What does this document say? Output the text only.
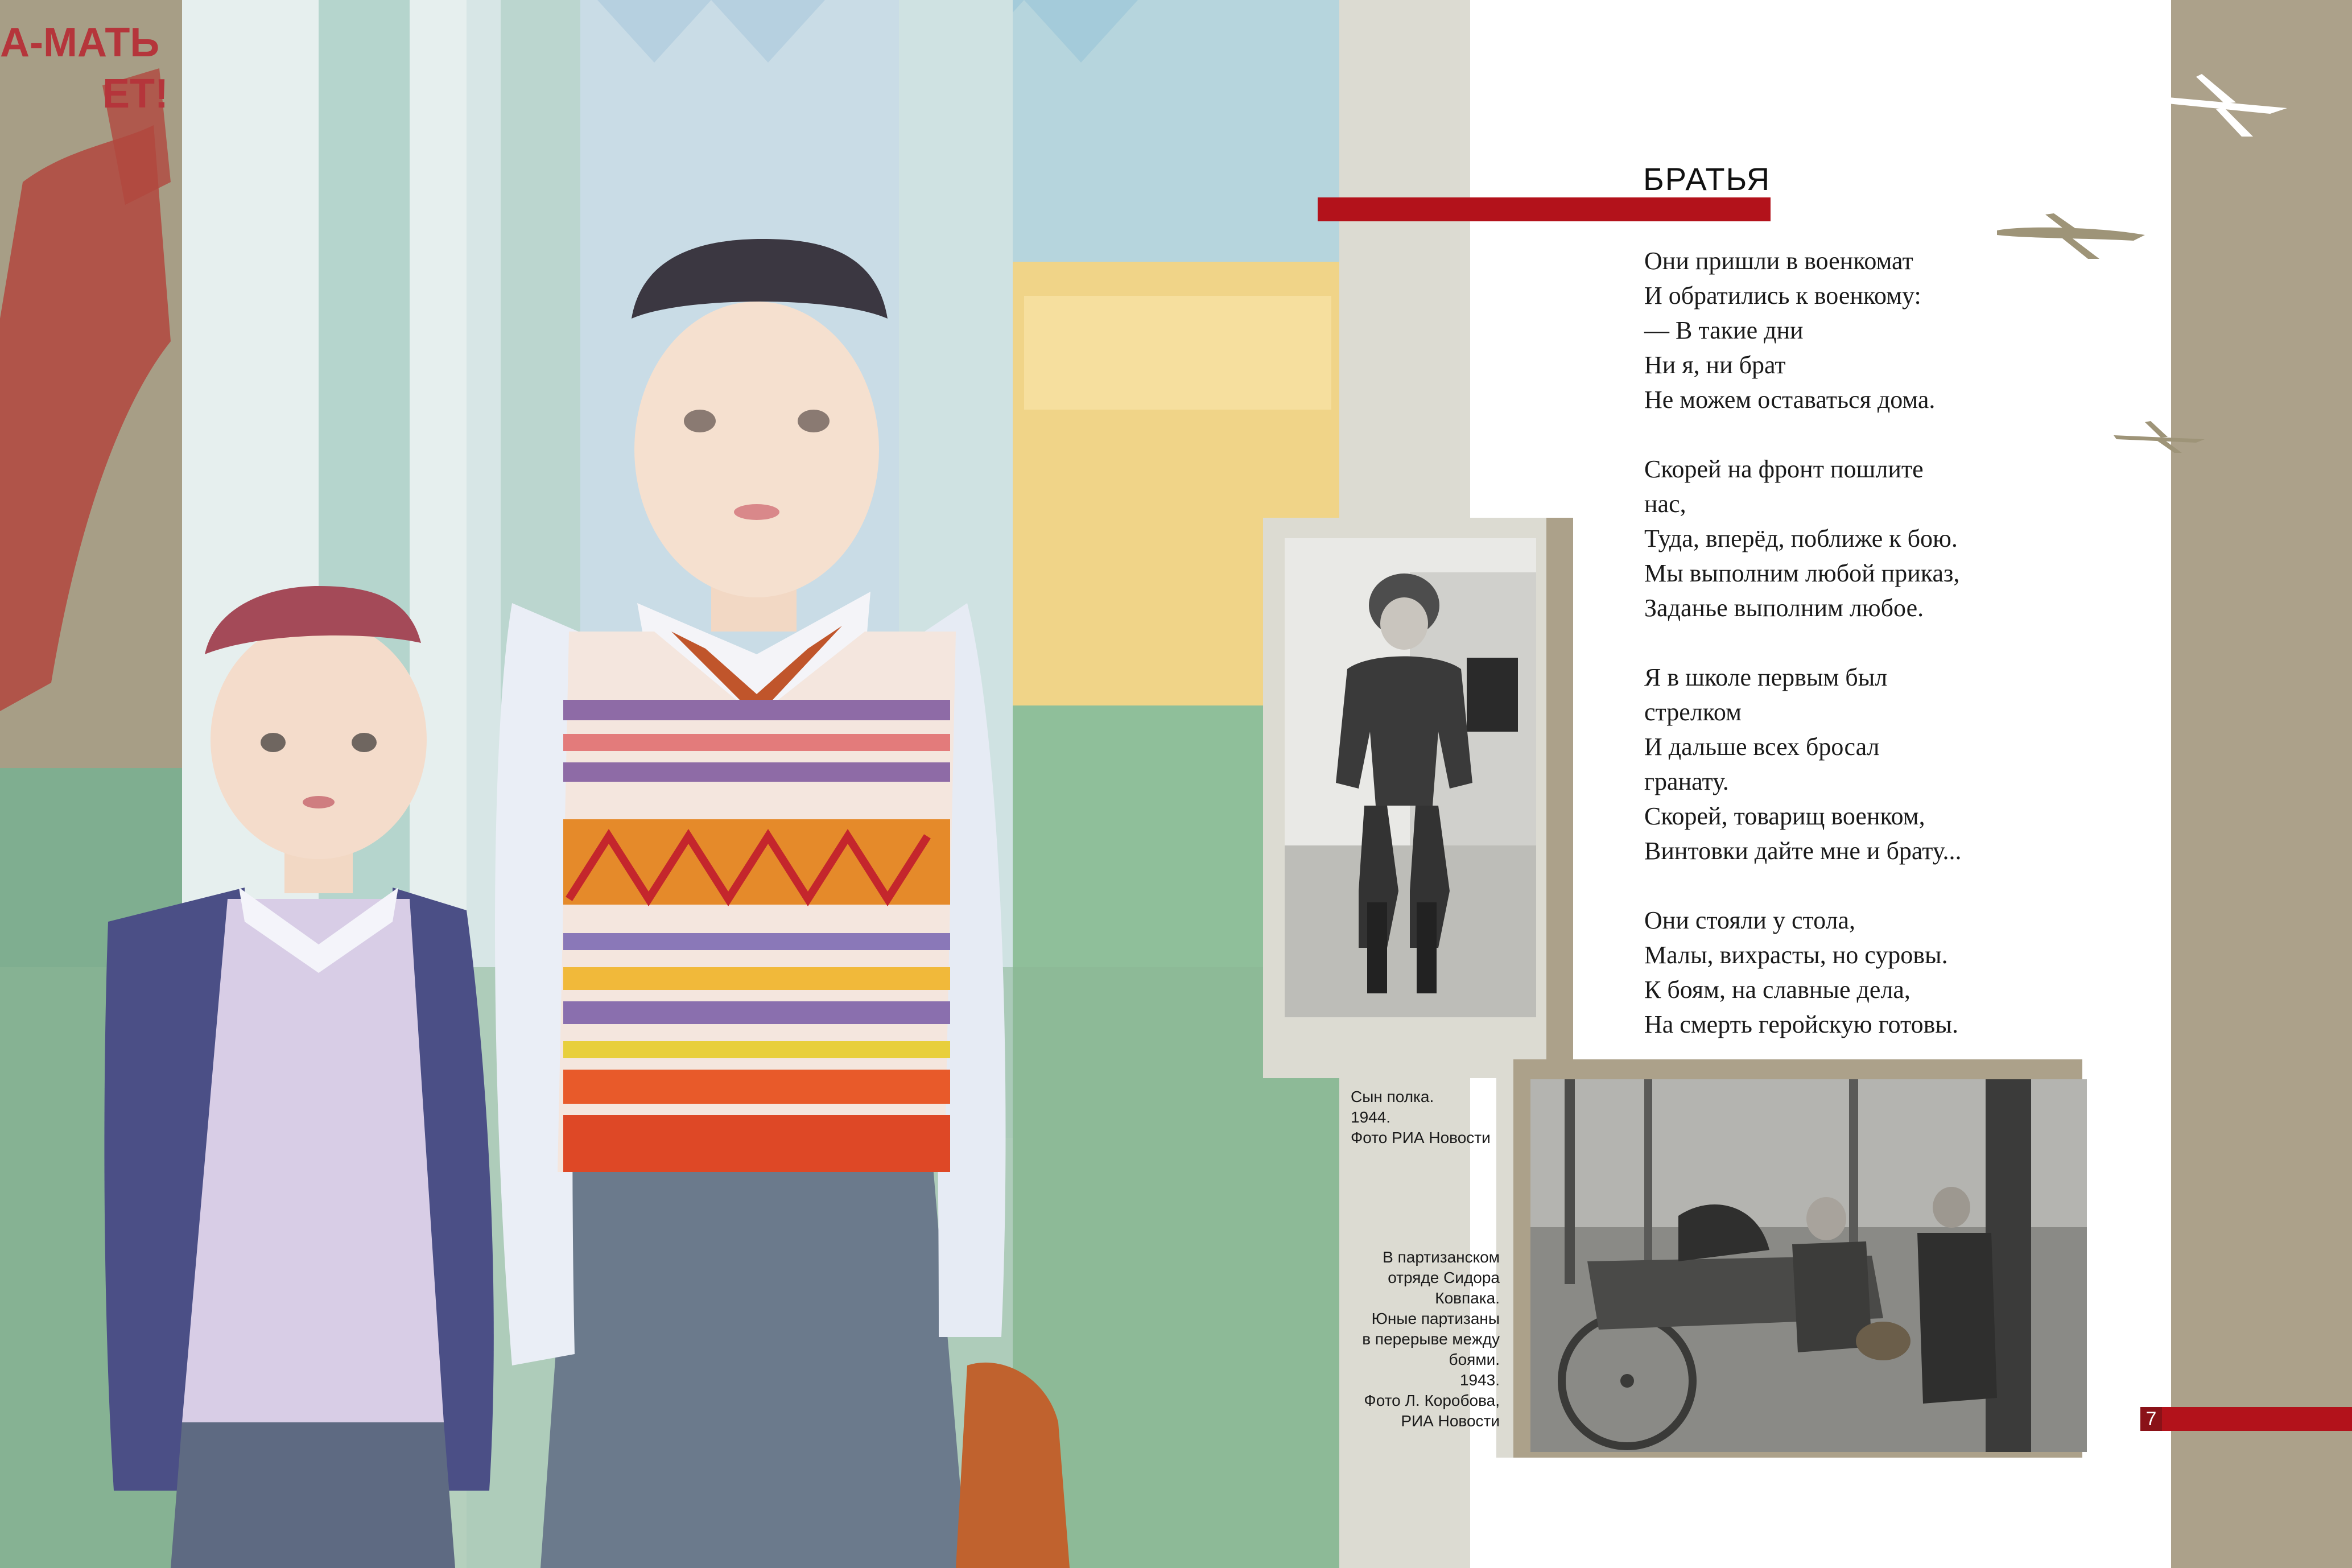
А-МАТЬ
ЕТ!
БРАТЬЯ
Они пришли в военкомат
И обратились к военкому:
— В такие дни
Ни я, ни брат
Не можем оставаться дома.
Скорей на фронт пошлите нас,
Туда, вперёд, поближе к бою.
Мы выполним любой приказ,
Заданье выполним любое.
Я в школе первым был стрелком
И дальше всех бросал гранату.
Скорей, товарищ военком,
Винтовки дайте мне и брату...
Они стояли у стола,
Малы, вихрасты, но суровы.
К боям, на славные дела,
На смерть геройскую готовы.
Сын полка.
1944.
Фото РИА Новости
В партизанском
отряде Сидора
Ковпака.
Юные партизаны
в перерыве между
боями.
1943.
Фото Л. Коробова,
РИА Новости	7
